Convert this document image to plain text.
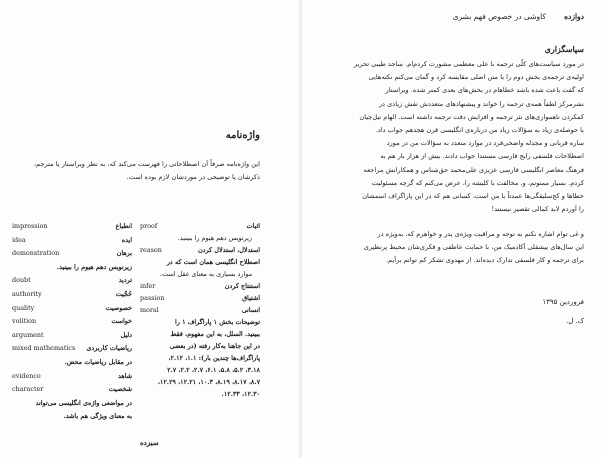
واژه‌نامه
این واژه‌نامه صرفاً آن اصطلاحاتی را فهرست می‌کند که، به نظر ویراستار یا مترجم،
ذکرشان یا توضیحی در موردشان لازم بوده است.
اثبات
proof
زیرنویس دهم هیوم را ببینید.
استدلال، استدلال کردن
reason
اصطلاح انگلیسی همان است که در
موارد بسیاری به معنای عقل است.
استنتاج کردن
infer
اشتیاق
passion
انسانی
moral
توضیحات بخش ۱ پاراگراف ۱ را
ببینید. السلل، به این مفهوم، فقط
در این جاهنا به‌کار رفته (در بعضی
پاراگراف‌ها چندین بار): ۱.۱، ۲.۱۲،
۳.۱۸، ۵.۲، ۵.۸، ۶.۱، ۲.۷، ۲.۲، ۲.۷
۸.۷، ۸.۱۷، ۸.۱۹، ۱۰.۳، ۱۲.۲۱، ۱۲.۲۹،
۱۲.۳۰، ۱۲.۳۳.
انطباع
impression
ایده
idea
برهان
demonstration
زیرنویس دهم هیوم را ببینید.
تردید
doubt
حُجّیت
authority
خصوصیت
quality
خواست
volition
دلیل
argument
ریاضیات کاربردی
mixed mathematics
در مقابل ریاضیات محض.
شاهد
evidence
شخصیت
character
در مواضعی واژه‌ی انگلیسی می‌تواند
به معنای ویژگی هم باشد.
سیزده
دوازده
کاوشی در خصوص فهم بشری
سپاسگزاری
در مورد سیاست‌های کلّی ترجمه با علی معظمی مشورت کردم‌ام. ساجد طیبی تحریر
اولیه‌ی ترجمه‌ی بخش دوم را با متن اصلی مقایسه کرد و گمان می‌کنم نکته‌هایی
که گفت باعث شده باشد خطاهام در بخش‌های بعدی کمتر شده. ویراستار
نشرمرکز لطفاً همه‌ی ترجمه را خواند و پیشنهادهای متعددش نقش زیادی در
کمکردن ناهمواری‌های نثر ترجمه و افزایش دقت ترجمه داشته است. الهام تیل‌چیان
با حوصله‌ی زیاد به سؤالات زیاد من درباره‌ی انگلیسی قرن هجدهم جواب داد.
ساره قربانی و مجدله واضحی‌فرد در موارد متعدد به سؤالات من در مورد
اصطلاحات فلسفی رایج فارسی مستندا جواب دادند. بیش از هزار بار هم به
فرهنگ معاصر انگلیسی فارسی عزیزی علی‌محمد حق‌شناس و همکارانش مراجعه
کردم. بسیار ممنونم، و، مخالفت با کلیشه را، عرض می‌کنم که گرچه مسئولیت
خطاها و کج‌سلیقگی‌ها عمدتاً با من است، کسانی هم که در این پاراگراف اسمشان
را آوردم لابد کمالی تقصیر نیستند!
و غی توام اشاره نکنم به توجه و مراقبت ویژه‌ی پدر و خواهرم که، به‌ویژه در
این سال‌های پیشقلی آکادمیک من، با حمایت عاطفی و فکری‌شان محیط پرنظیری
برای ترجمه و کار فلسفی تدارک دیده‌اند. از مهدوی تشکر کم توانم برآیم.
فروردین ۱۳۹۵
ک. ل.
